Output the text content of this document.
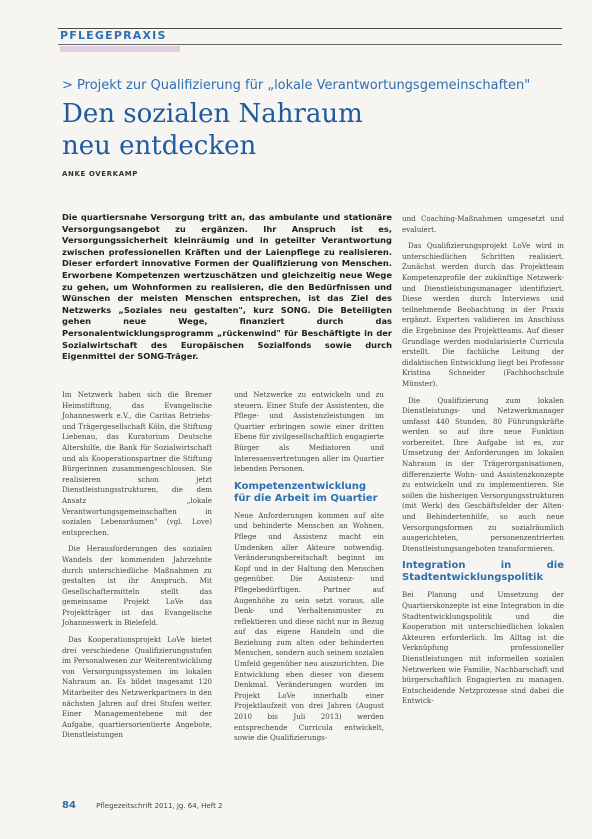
PFLEGEPRAXIS
> Projekt zur Qualifizierung für „lokale Verantwortungsgemeinschaften"
Den sozialen Nahraum
neu entdecken
ANKE OVERKAMP
Die quartiersnahe Versorgung tritt an, das ambulante und stationäre Versorgungsangebot zu ergänzen. Ihr Anspruch ist es, Versorgungssicherheit kleinräumig und in geteilter Verantwortung zwischen professionellen Kräften und der Laienpflege zu realisieren. Dieser erfordert innovative Formen der Qualifizierung von Menschen. Erworbene Kompetenzen wertzuschätzen und gleichzeitig neue Wege zu gehen, um Wohnformen zu realisieren, die den Bedürfnissen und Wünschen der meisten Menschen entsprechen, ist das Ziel des Netzwerks „Soziales neu gestalten", kurz SONG. Die Beteiligten gehen neue Wege, finanziert durch das Personalentwicklungsprogramm „rückenwind" für Beschäftigte in der Sozialwirtschaft des Europäischen Sozialfonds sowie durch Eigenmittel der SONG-Träger.

Im Netzwerk haben sich die Bremer Heimstiftung, das Evangelische Johanneswerk e.V., die Caritas Betriebs- und Trägergesellschaft Köln, die Stiftung Liebenau, das Kuratorium Deutsche Altershilfe, die Bank für Sozialwirtschaft und als Kooperationspartner die Stiftung Bürgerinnen zusammengeschlossen. Sie realisieren schon jetzt Dienstleistungsstrukturen, die dem Ansatz „lokale Verantwortungsgemeinschaften in sozialen Lebensräumen" (vgl. Love) entsprechen.

Die Herausforderungen des sozialen Wandels der kommenden Jahrzehnte durch unterschiedliche Maßnahmen zu gestalten ist ihr Anspruch. Mit Gesellschaftermitteln stellt das gemeinsame Projekt LoVe das Projektträger ist das Evangelische Johanneswerk in Bielefeld.

Das Kooperationsprojekt LoVe bietet drei verschiedene Qualifizierungsstufen im Personalwesen zur Weiterentwicklung von Versorgungssystemen im lokalen Nahraum an. Es bildet insgesamt 120 Mitarbeiter des Netzwerkpartners in den nächsten Jahren auf drei Stufen weiter. Einer Managementebene mit der Aufgabe, quartiersorientierte Angebote, Dienstleistungen

und Netzwerke zu entwickeln und zu steuern. Einer Stufe der Assistenten, die Pflege- und Assistenzleistungen im Quartier erbringen sowie einer dritten Ebene für zivilgesellschaftlich engagierte Bürger als Mediatoren und Interessenvertretungen aller im Quartier lebenden Personen.

Kompetenzentwicklung für die Arbeit im Quartier

Neue Anforderungen kommen auf alte und behinderte Menschen an Wohnen, Pflege und Assistenz macht ein Umdenken aller Akteure notwendig. Veränderungsbereitschaft beginnt im Kopf und in der Haltung den Menschen gegenüber. Die Assistenz- und Pflegebedürftigen. Partner auf Augenhöhe zu sein setzt voraus, alle Denk- und Verhaltensmuster zu reflektieren und diese nicht nur in Bezug auf das eigene Handeln und die Beziehung zum alten oder behinderten Menschen, sondern auch seinem sozialen Umfeld gegenüber neu auszurichten. Die Entwicklung eben dieser von diesem Denkmal. Veränderungen wurden im Projekt LoVe innerhalb einer Projektlaufzeit von drei Jahren (August 2010 bis Juli 2013) werden entsprechende Curricula entwickelt, sowie die Qualifizierungs-

und Coaching-Maßnahmen umgesetzt und evaluiert.

Das Qualifizierungsprojekt LoVe wird in unterschiedlichen Schritten realisiert. Zunächst werden durch das Projektteam Kompetenzprofile der zukünftige Netzwerk- und Dienstleistungsmanager identifiziert. Diese werden durch Interviews und teilnehmende Beobachtung in der Praxis ergänzt. Experten validieren im Anschluss die Ergebnisse des Projektteams. Auf dieser Grundlage werden modularisierte Curricula erstellt. Die fachliche Leitung der didaktischen Entwicklung liegt bei Professor Kristina Schneider (Fachhochschule Münster).

Die Qualifizierung zum lokalen Dienstleistungs- und Netzwerkmanager umfasst 440 Stunden, 80 Führungskräfte werden so auf ihre neue Funktion vorbereitet. Ihre Aufgabe ist es, zur Umsetzung der Anforderungen im lokalen Nahraum in der Trägerorganisationen, differenzierte Wohn- und Assistenzkonzepte zu entwickeln und zu implementieren. Sie sollen die bisherigen Versorgungsstrukturen (mit Werk) des Geschäftsfelder der Alten- und Behindertenhilfe, so auch neue Versorgungsformen zu sozialräumlich ausgerichteten, personenzentrierten Dienstleistungsangeboten transformieren.

Integration in die Stadtentwicklungspolitik

Bei Planung und Umsetzung der Quartierskonzepte ist eine Integration in die Stadtentwicklungspolitik und die Kooperation mit unterschiedlichen lokalen Akteuren erforderlich. Im Alltag ist die Verknüpfung professioneller Dienstleistungen mit informellen sozialen Netzwerken wie Familie, Nachbarschaft und bürgerschaftlich Engagierten zu managen. Entscheidende Netzprozesse sind dabei die Entwick-

84	Pflegezeitschrift 2011, Jg. 64, Heft 2
